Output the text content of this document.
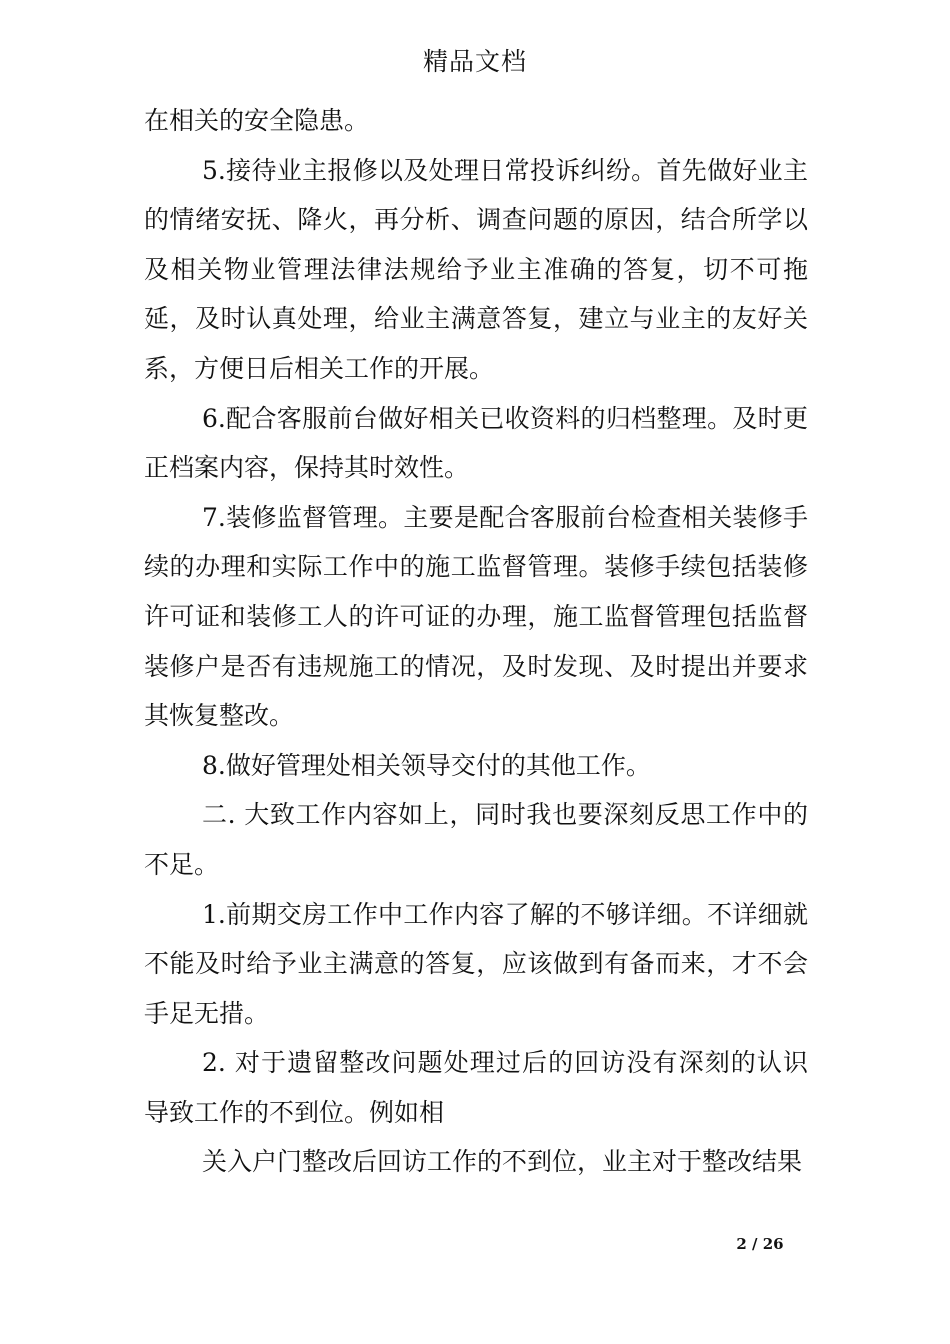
精品文档

在相关的安全隐患。

5.接待业主报修以及处理日常投诉纠纷。首先做好业主的情绪安抚、降火，再分析、调查问题的原因，结合所学以及相关物业管理法律法规给予业主准确的答复，切不可拖延，及时认真处理，给业主满意答复，建立与业主的友好关系，方便日后相关工作的开展。

6.配合客服前台做好相关已收资料的归档整理。及时更正档案内容，保持其时效性。

7.装修监督管理。主要是配合客服前台检查相关装修手续的办理和实际工作中的施工监督管理。装修手续包括装修许可证和装修工人的许可证的办理，施工监督管理包括监督装修户是否有违规施工的情况，及时发现、及时提出并要求其恢复整改。

8.做好管理处相关领导交付的其他工作。

二. 大致工作内容如上，同时我也要深刻反思工作中的不足。

1.前期交房工作中工作内容了解的不够详细。不详细就不能及时给予业主满意的答复，应该做到有备而来，才不会手足无措。

2. 对于遗留整改问题处理过后的回访没有深刻的认识导致工作的不到位。例如相

关入户门整改后回访工作的不到位，业主对于整改结果

2 / 26
